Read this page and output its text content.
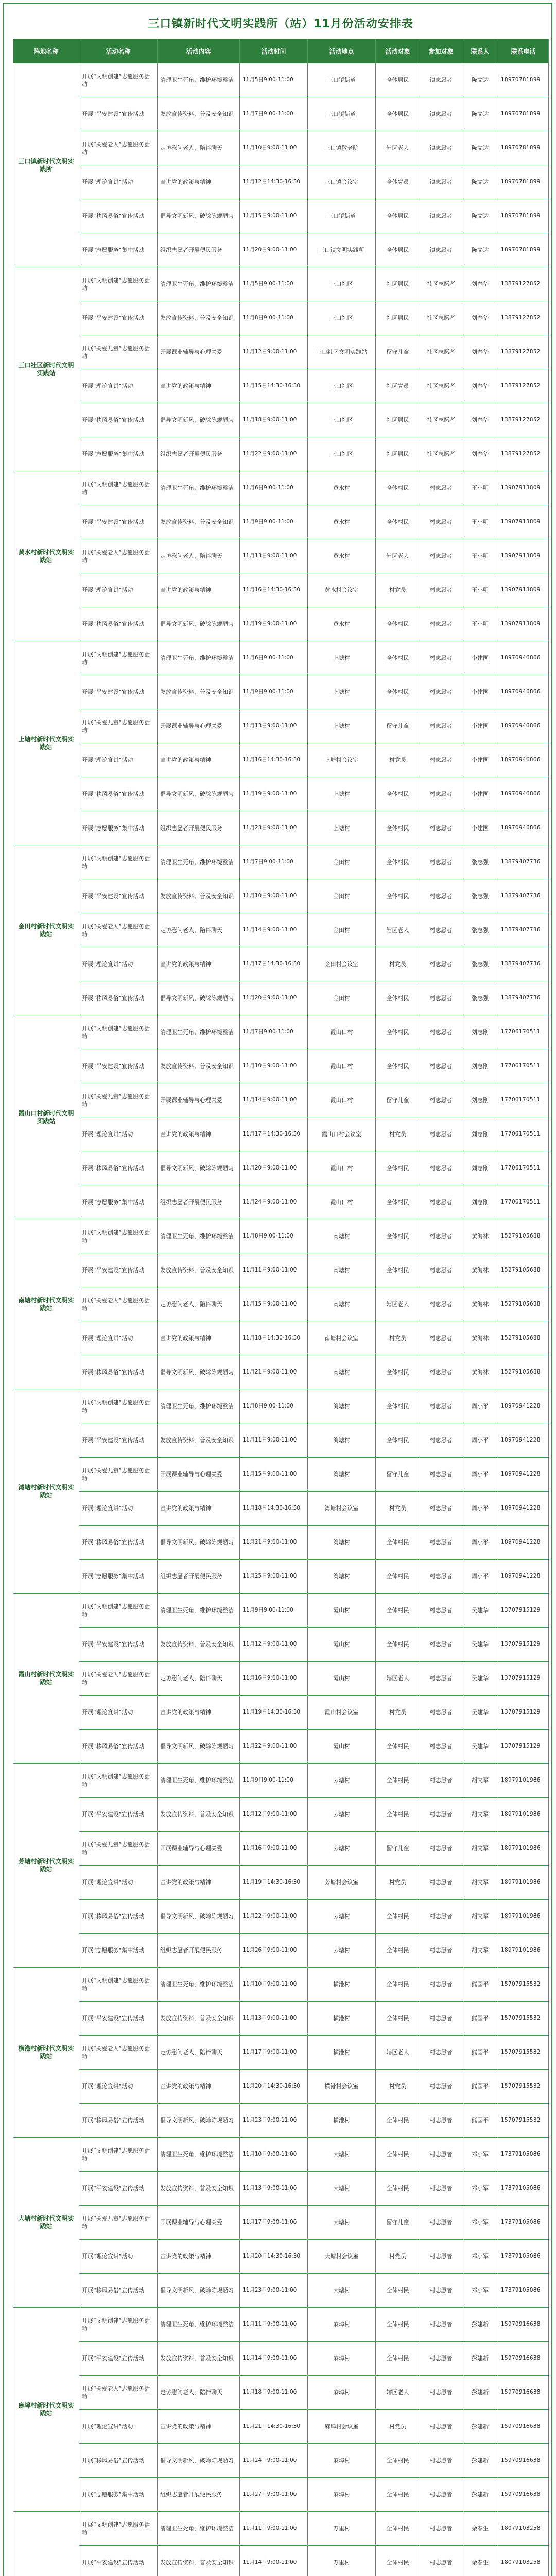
三口镇新时代文明实践所（站）11月份活动安排表
阵地名称	活动名称	活动内容	活动时间	活动地点	活动对象	参加对象	联系人	联系电话
三口镇新时代文明实践所	开展“文明创建”志愿服务活动	清理卫生死角，维护环境整洁	11月5日9:00-11:00	三口镇街道	全体居民	镇志愿者	陈文达	18970781899
	开展“平安建设”宣传活动	发放宣传资料，普及安全知识	11月7日9:00-11:00	三口镇街道	全体居民	镇志愿者	陈文达	18970781899
	开展“关爱老人”志愿服务活动	走访慰问老人，陪伴聊天	11月10日9:00-11:00	三口镇敬老院	辖区老人	镇志愿者	陈文达	18970781899
	开展“理论宣讲”活动	宣讲党的政策与精神	11月12日14:30-16:30	三口镇会议室	全体党员	镇志愿者	陈文达	18970781899
	开展“移风易俗”宣传活动	倡导文明新风，破除陈规陋习	11月15日9:00-11:00	三口镇街道	全体居民	镇志愿者	陈文达	18970781899
	开展“志愿服务”集中活动	组织志愿者开展便民服务	11月20日9:00-11:00	三口镇文明实践所	全体居民	镇志愿者	陈文达	18970781899
三口社区新时代文明实践站	开展“文明创建”志愿服务活动	清理卫生死角，维护环境整洁	11月5日9:00-11:00	三口社区	社区居民	社区志愿者	刘春华	13879127852
	开展“平安建设”宣传活动	发放宣传资料，普及安全知识	11月8日9:00-11:00	三口社区	社区居民	社区志愿者	刘春华	13879127852
	开展“关爱儿童”志愿服务活动	开展课业辅导与心理关爱	11月12日9:00-11:00	三口社区文明实践站	留守儿童	社区志愿者	刘春华	13879127852
	开展“理论宣讲”活动	宣讲党的政策与精神	11月15日14:30-16:30	三口社区	社区党员	社区志愿者	刘春华	13879127852
	开展“移风易俗”宣传活动	倡导文明新风，破除陈规陋习	11月18日9:00-11:00	三口社区	社区居民	社区志愿者	刘春华	13879127852
	开展“志愿服务”集中活动	组织志愿者开展便民服务	11月22日9:00-11:00	三口社区	社区居民	社区志愿者	刘春华	13879127852
黄水村新时代文明实践站	开展“文明创建”志愿服务活动	清理卫生死角，维护环境整洁	11月6日9:00-11:00	黄水村	全体村民	村志愿者	王小明	13907913809
	开展“平安建设”宣传活动	发放宣传资料，普及安全知识	11月9日9:00-11:00	黄水村	全体村民	村志愿者	王小明	13907913809
	开展“关爱老人”志愿服务活动	走访慰问老人，陪伴聊天	11月13日9:00-11:00	黄水村	辖区老人	村志愿者	王小明	13907913809
	开展“理论宣讲”活动	宣讲党的政策与精神	11月16日14:30-16:30	黄水村会议室	村党员	村志愿者	王小明	13907913809
	开展“移风易俗”宣传活动	倡导文明新风，破除陈规陋习	11月19日9:00-11:00	黄水村	全体村民	村志愿者	王小明	13907913809
上塘村新时代文明实践站	开展“文明创建”志愿服务活动	清理卫生死角，维护环境整洁	11月6日9:00-11:00	上塘村	全体村民	村志愿者	李建国	18970946866
	开展“平安建设”宣传活动	发放宣传资料，普及安全知识	11月9日9:00-11:00	上塘村	全体村民	村志愿者	李建国	18970946866
	开展“关爱儿童”志愿服务活动	开展课业辅导与心理关爱	11月13日9:00-11:00	上塘村	留守儿童	村志愿者	李建国	18970946866
	开展“理论宣讲”活动	宣讲党的政策与精神	11月16日14:30-16:30	上塘村会议室	村党员	村志愿者	李建国	18970946866
	开展“移风易俗”宣传活动	倡导文明新风，破除陈规陋习	11月19日9:00-11:00	上塘村	全体村民	村志愿者	李建国	18970946866
	开展“志愿服务”集中活动	组织志愿者开展便民服务	11月23日9:00-11:00	上塘村	全体村民	村志愿者	李建国	18970946866
金田村新时代文明实践站	开展“文明创建”志愿服务活动	清理卫生死角，维护环境整洁	11月7日9:00-11:00	金田村	全体村民	村志愿者	张志强	13879407736
	开展“平安建设”宣传活动	发放宣传资料，普及安全知识	11月10日9:00-11:00	金田村	全体村民	村志愿者	张志强	13879407736
	开展“关爱老人”志愿服务活动	走访慰问老人，陪伴聊天	11月14日9:00-11:00	金田村	辖区老人	村志愿者	张志强	13879407736
	开展“理论宣讲”活动	宣讲党的政策与精神	11月17日14:30-16:30	金田村会议室	村党员	村志愿者	张志强	13879407736
	开展“移风易俗”宣传活动	倡导文明新风，破除陈规陋习	11月20日9:00-11:00	金田村	全体村民	村志愿者	张志强	13879407736
霞山口村新时代文明实践站	开展“文明创建”志愿服务活动	清理卫生死角，维护环境整洁	11月7日9:00-11:00	霞山口村	全体村民	村志愿者	刘志刚	17706170511
	开展“平安建设”宣传活动	发放宣传资料，普及安全知识	11月10日9:00-11:00	霞山口村	全体村民	村志愿者	刘志刚	17706170511
	开展“关爱儿童”志愿服务活动	开展课业辅导与心理关爱	11月14日9:00-11:00	霞山口村	留守儿童	村志愿者	刘志刚	17706170511
	开展“理论宣讲”活动	宣讲党的政策与精神	11月17日14:30-16:30	霞山口村会议室	村党员	村志愿者	刘志刚	17706170511
	开展“移风易俗”宣传活动	倡导文明新风，破除陈规陋习	11月20日9:00-11:00	霞山口村	全体村民	村志愿者	刘志刚	17706170511
	开展“志愿服务”集中活动	组织志愿者开展便民服务	11月24日9:00-11:00	霞山口村	全体村民	村志愿者	刘志刚	17706170511
南塘村新时代文明实践站	开展“文明创建”志愿服务活动	清理卫生死角，维护环境整洁	11月8日9:00-11:00	南塘村	全体村民	村志愿者	黄海林	15279105688
	开展“平安建设”宣传活动	发放宣传资料，普及安全知识	11月11日9:00-11:00	南塘村	全体村民	村志愿者	黄海林	15279105688
	开展“关爱老人”志愿服务活动	走访慰问老人，陪伴聊天	11月15日9:00-11:00	南塘村	辖区老人	村志愿者	黄海林	15279105688
	开展“理论宣讲”活动	宣讲党的政策与精神	11月18日14:30-16:30	南塘村会议室	村党员	村志愿者	黄海林	15279105688
	开展“移风易俗”宣传活动	倡导文明新风，破除陈规陋习	11月21日9:00-11:00	南塘村	全体村民	村志愿者	黄海林	15279105688
湾塘村新时代文明实践站	开展“文明创建”志愿服务活动	清理卫生死角，维护环境整洁	11月8日9:00-11:00	湾塘村	全体村民	村志愿者	周小平	18970941228
	开展“平安建设”宣传活动	发放宣传资料，普及安全知识	11月11日9:00-11:00	湾塘村	全体村民	村志愿者	周小平	18970941228
	开展“关爱儿童”志愿服务活动	开展课业辅导与心理关爱	11月15日9:00-11:00	湾塘村	留守儿童	村志愿者	周小平	18970941228
	开展“理论宣讲”活动	宣讲党的政策与精神	11月18日14:30-16:30	湾塘村会议室	村党员	村志愿者	周小平	18970941228
	开展“移风易俗”宣传活动	倡导文明新风，破除陈规陋习	11月21日9:00-11:00	湾塘村	全体村民	村志愿者	周小平	18970941228
	开展“志愿服务”集中活动	组织志愿者开展便民服务	11月25日9:00-11:00	湾塘村	全体村民	村志愿者	周小平	18970941228
霞山村新时代文明实践站	开展“文明创建”志愿服务活动	清理卫生死角，维护环境整洁	11月9日9:00-11:00	霞山村	全体村民	村志愿者	吴建华	13707915129
	开展“平安建设”宣传活动	发放宣传资料，普及安全知识	11月12日9:00-11:00	霞山村	全体村民	村志愿者	吴建华	13707915129
	开展“关爱老人”志愿服务活动	走访慰问老人，陪伴聊天	11月16日9:00-11:00	霞山村	辖区老人	村志愿者	吴建华	13707915129
	开展“理论宣讲”活动	宣讲党的政策与精神	11月19日14:30-16:30	霞山村会议室	村党员	村志愿者	吴建华	13707915129
	开展“移风易俗”宣传活动	倡导文明新风，破除陈规陋习	11月22日9:00-11:00	霞山村	全体村民	村志愿者	吴建华	13707915129
芳塘村新时代文明实践站	开展“文明创建”志愿服务活动	清理卫生死角，维护环境整洁	11月9日9:00-11:00	芳塘村	全体村民	村志愿者	胡文军	18979101986
	开展“平安建设”宣传活动	发放宣传资料，普及安全知识	11月12日9:00-11:00	芳塘村	全体村民	村志愿者	胡文军	18979101986
	开展“关爱儿童”志愿服务活动	开展课业辅导与心理关爱	11月16日9:00-11:00	芳塘村	留守儿童	村志愿者	胡文军	18979101986
	开展“理论宣讲”活动	宣讲党的政策与精神	11月19日14:30-16:30	芳塘村会议室	村党员	村志愿者	胡文军	18979101986
	开展“移风易俗”宣传活动	倡导文明新风，破除陈规陋习	11月22日9:00-11:00	芳塘村	全体村民	村志愿者	胡文军	18979101986
	开展“志愿服务”集中活动	组织志愿者开展便民服务	11月26日9:00-11:00	芳塘村	全体村民	村志愿者	胡文军	18979101986
横港村新时代文明实践站	开展“文明创建”志愿服务活动	清理卫生死角，维护环境整洁	11月10日9:00-11:00	横港村	全体村民	村志愿者	熊国平	15707915532
	开展“平安建设”宣传活动	发放宣传资料，普及安全知识	11月13日9:00-11:00	横港村	全体村民	村志愿者	熊国平	15707915532
	开展“关爱老人”志愿服务活动	走访慰问老人，陪伴聊天	11月17日9:00-11:00	横港村	辖区老人	村志愿者	熊国平	15707915532
	开展“理论宣讲”活动	宣讲党的政策与精神	11月20日14:30-16:30	横港村会议室	村党员	村志愿者	熊国平	15707915532
	开展“移风易俗”宣传活动	倡导文明新风，破除陈规陋习	11月23日9:00-11:00	横港村	全体村民	村志愿者	熊国平	15707915532
大塘村新时代文明实践站	开展“文明创建”志愿服务活动	清理卫生死角，维护环境整洁	11月10日9:00-11:00	大塘村	全体村民	村志愿者	邓小军	17379105086
	开展“平安建设”宣传活动	发放宣传资料，普及安全知识	11月13日9:00-11:00	大塘村	全体村民	村志愿者	邓小军	17379105086
	开展“关爱儿童”志愿服务活动	开展课业辅导与心理关爱	11月17日9:00-11:00	大塘村	留守儿童	村志愿者	邓小军	17379105086
	开展“理论宣讲”活动	宣讲党的政策与精神	11月20日14:30-16:30	大塘村会议室	村党员	村志愿者	邓小军	17379105086
	开展“移风易俗”宣传活动	倡导文明新风，破除陈规陋习	11月23日9:00-11:00	大塘村	全体村民	村志愿者	邓小军	17379105086
麻埠村新时代文明实践站	开展“文明创建”志愿服务活动	清理卫生死角，维护环境整洁	11月11日9:00-11:00	麻埠村	全体村民	村志愿者	彭建新	15970916638
	开展“平安建设”宣传活动	发放宣传资料，普及安全知识	11月14日9:00-11:00	麻埠村	全体村民	村志愿者	彭建新	15970916638
	开展“关爱老人”志愿服务活动	走访慰问老人，陪伴聊天	11月18日9:00-11:00	麻埠村	辖区老人	村志愿者	彭建新	15970916638
	开展“理论宣讲”活动	宣讲党的政策与精神	11月21日14:30-16:30	麻埠村会议室	村党员	村志愿者	彭建新	15970916638
	开展“移风易俗”宣传活动	倡导文明新风，破除陈规陋习	11月24日9:00-11:00	麻埠村	全体村民	村志愿者	彭建新	15970916638
	开展“志愿服务”集中活动	组织志愿者开展便民服务	11月27日9:00-11:00	麻埠村	全体村民	村志愿者	彭建新	15970916638
	开展“文明创建”志愿服务活动	清理卫生死角，维护环境整洁	11月11日9:00-11:00	万里村	全体村民	村志愿者	余春生	18079103258
	开展“平安建设”宣传活动	发放宣传资料，普及安全知识	11月14日9:00-11:00	万里村	全体村民	村志愿者	余春生	18079103258
